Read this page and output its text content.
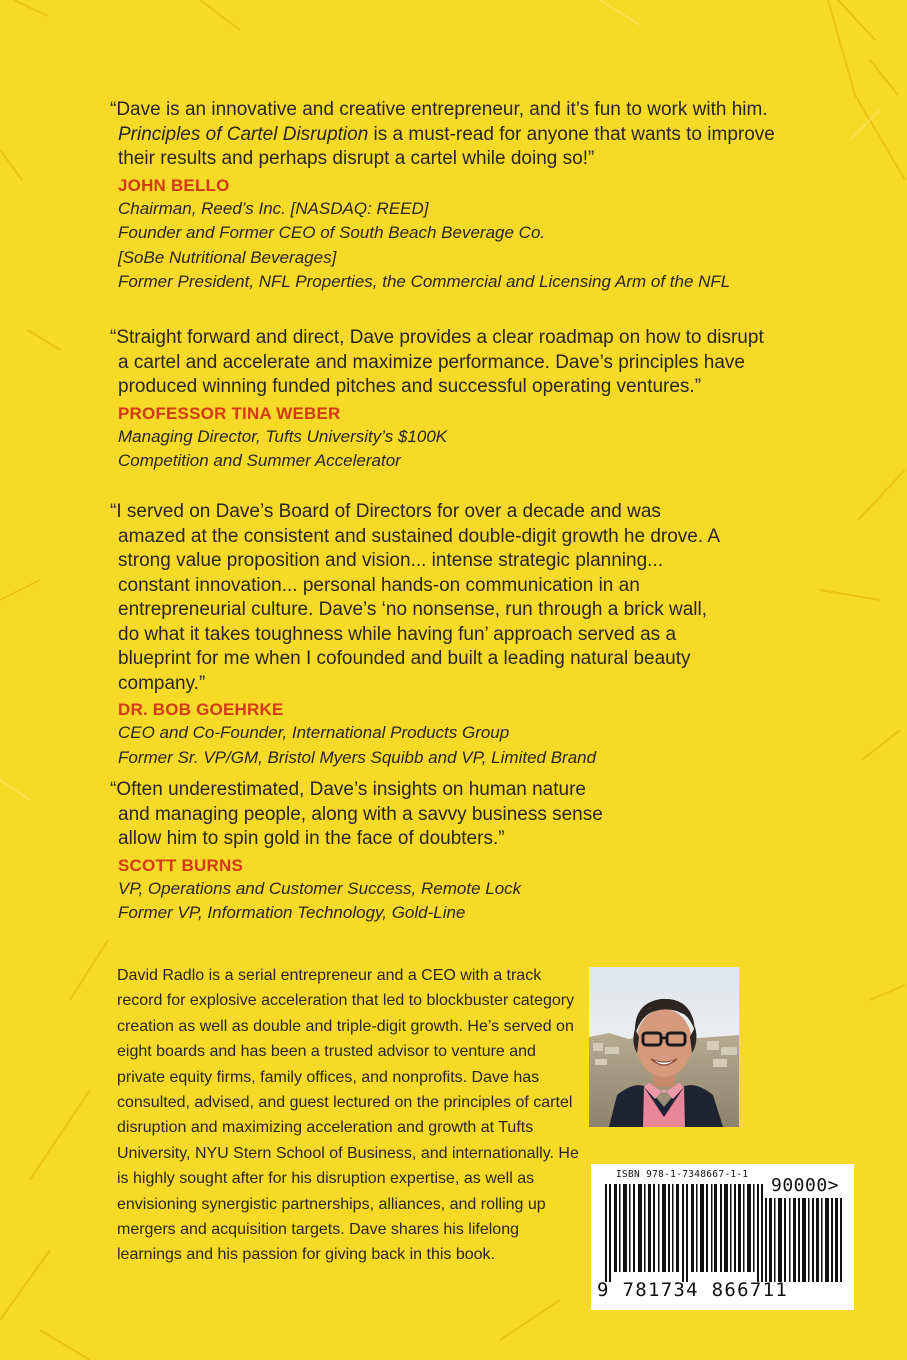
“Dave is an innovative and creative entrepreneur, and it’s fun to work with him. Principles of Cartel Disruption is a must-read for anyone that wants to improve their results and perhaps disrupt a cartel while doing so!”

JOHN BELLO
Chairman, Reed’s Inc. [NASDAQ: REED]
Founder and Former CEO of South Beach Beverage Co.
[SoBe Nutritional Beverages]
Former President, NFL Properties, the Commercial and Licensing Arm of the NFL

“Straight forward and direct, Dave provides a clear roadmap on how to disrupt a cartel and accelerate and maximize performance. Dave’s principles have produced winning funded pitches and successful operating ventures.”

PROFESSOR TINA WEBER
Managing Director, Tufts University’s $100K
Competition and Summer Accelerator

“I served on Dave’s Board of Directors for over a decade and was amazed at the consistent and sustained double-digit growth he drove. A strong value proposition and vision... intense strategic planning... constant innovation... personal hands-on communication in an entrepreneurial culture. Dave’s ‘no nonsense, run through a brick wall, do what it takes toughness while having fun’ approach served as a blueprint for me when I cofounded and built a leading natural beauty company.”

DR. BOB GOEHRKE
CEO and Co-Founder, International Products Group
Former Sr. VP/GM, Bristol Myers Squibb and VP, Limited Brand

“Often underestimated, Dave’s insights on human nature and managing people, along with a savvy business sense allow him to spin gold in the face of doubters.”

SCOTT BURNS
VP, Operations and Customer Success, Remote Lock
Former VP, Information Technology, Gold-Line

David Radlo is a serial entrepreneur and a CEO with a track record for explosive acceleration that led to blockbuster category creation as well as double and triple-digit growth. He’s served on eight boards and has been a trusted advisor to venture and private equity firms, family offices, and nonprofits. Dave has consulted, advised, and guest lectured on the principles of cartel disruption and maximizing acceleration and growth at Tufts University, NYU Stern School of Business, and internationally. He is highly sought after for his disruption expertise, as well as envisioning synergistic partnerships, alliances, and rolling up mergers and acquisition targets. Dave shares his lifelong learnings and his passion for giving back in this book.

ISBN 978-1-7348667-1-1
90000>
9 781734 866711
